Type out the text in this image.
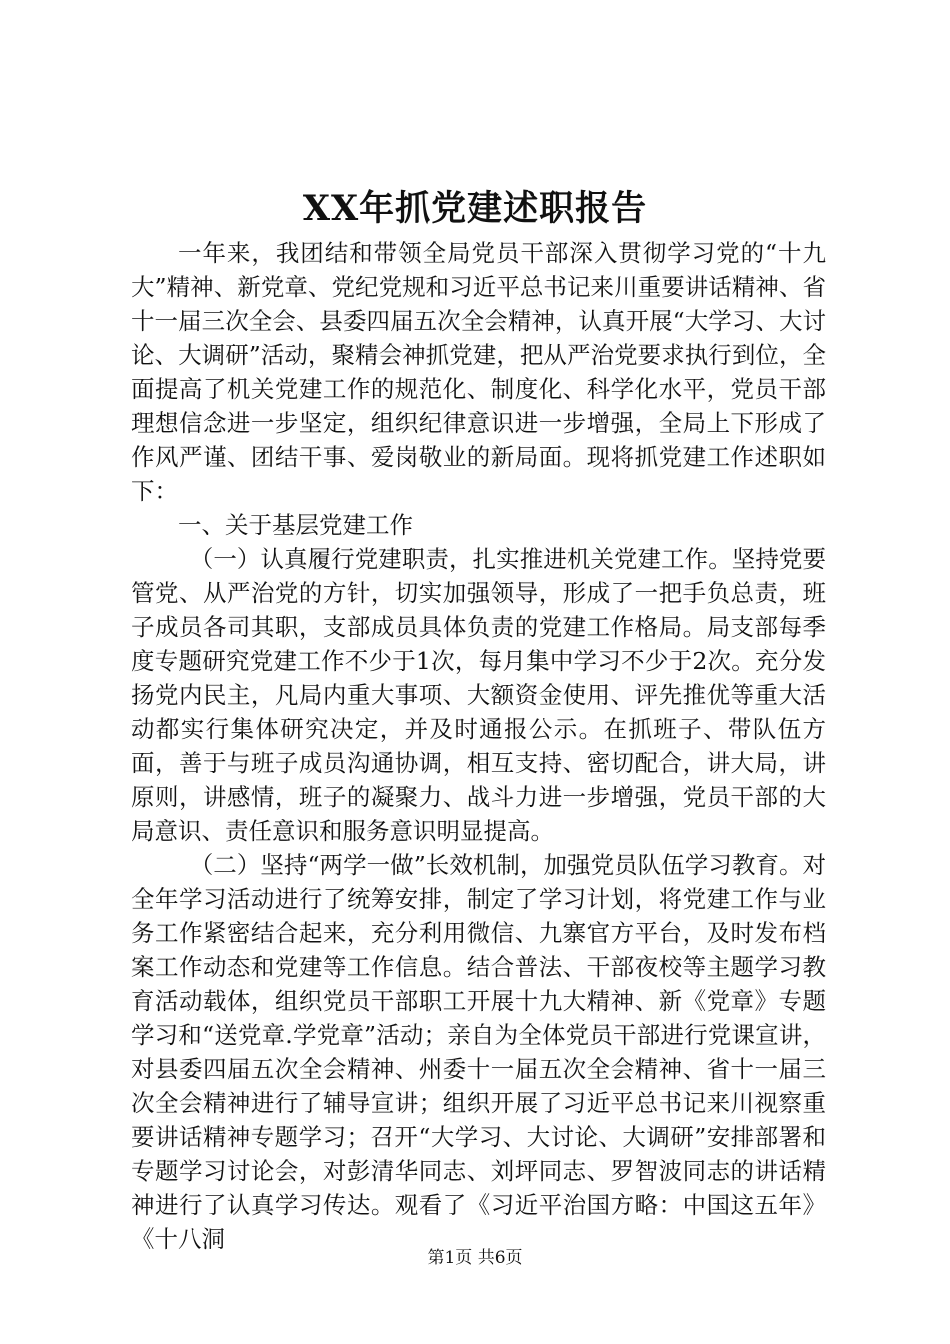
XX年抓党建述职报告

一年来，我团结和带领全局党员干部深入贯彻学习党的“十九大”精神、新党章、党纪党规和习近平总书记来川重要讲话精神、省十一届三次全会、县委四届五次全会精神，认真开展“大学习、大讨论、大调研”活动，聚精会神抓党建，把从严治党要求执行到位，全面提高了机关党建工作的规范化、制度化、科学化水平，党员干部理想信念进一步坚定，组织纪律意识进一步增强，全局上下形成了作风严谨、团结干事、爱岗敬业的新局面。现将抓党建工作述职如下：

一、关于基层党建工作

（一）认真履行党建职责，扎实推进机关党建工作。坚持党要管党、从严治党的方针，切实加强领导，形成了一把手负总责，班子成员各司其职，支部成员具体负责的党建工作格局。局支部每季度专题研究党建工作不少于1次，每月集中学习不少于2次。充分发扬党内民主，凡局内重大事项、大额资金使用、评先推优等重大活动都实行集体研究决定，并及时通报公示。在抓班子、带队伍方面，善于与班子成员沟通协调，相互支持、密切配合，讲大局，讲原则，讲感情，班子的凝聚力、战斗力进一步增强，党员干部的大局意识、责任意识和服务意识明显提高。

（二）坚持“两学一做”长效机制，加强党员队伍学习教育。对全年学习活动进行了统筹安排，制定了学习计划，将党建工作与业务工作紧密结合起来，充分利用微信、九寨官方平台，及时发布档案工作动态和党建等工作信息。结合普法、干部夜校等主题学习教育活动载体，组织党员干部职工开展十九大精神、新《党章》专题学习和“送党章.学党章”活动；亲自为全体党员干部进行党课宣讲，对县委四届五次全会精神、州委十一届五次全会精神、省十一届三次全会精神进行了辅导宣讲；组织开展了习近平总书记来川视察重要讲话精神专题学习；召开“大学习、大讨论、大调研”安排部署和专题学习讨论会，对彭清华同志、刘坪同志、罗智波同志的讲话精神进行了认真学习传达。观看了《习近平治国方略：中国这五年》《十八洞

第1页 共6页
